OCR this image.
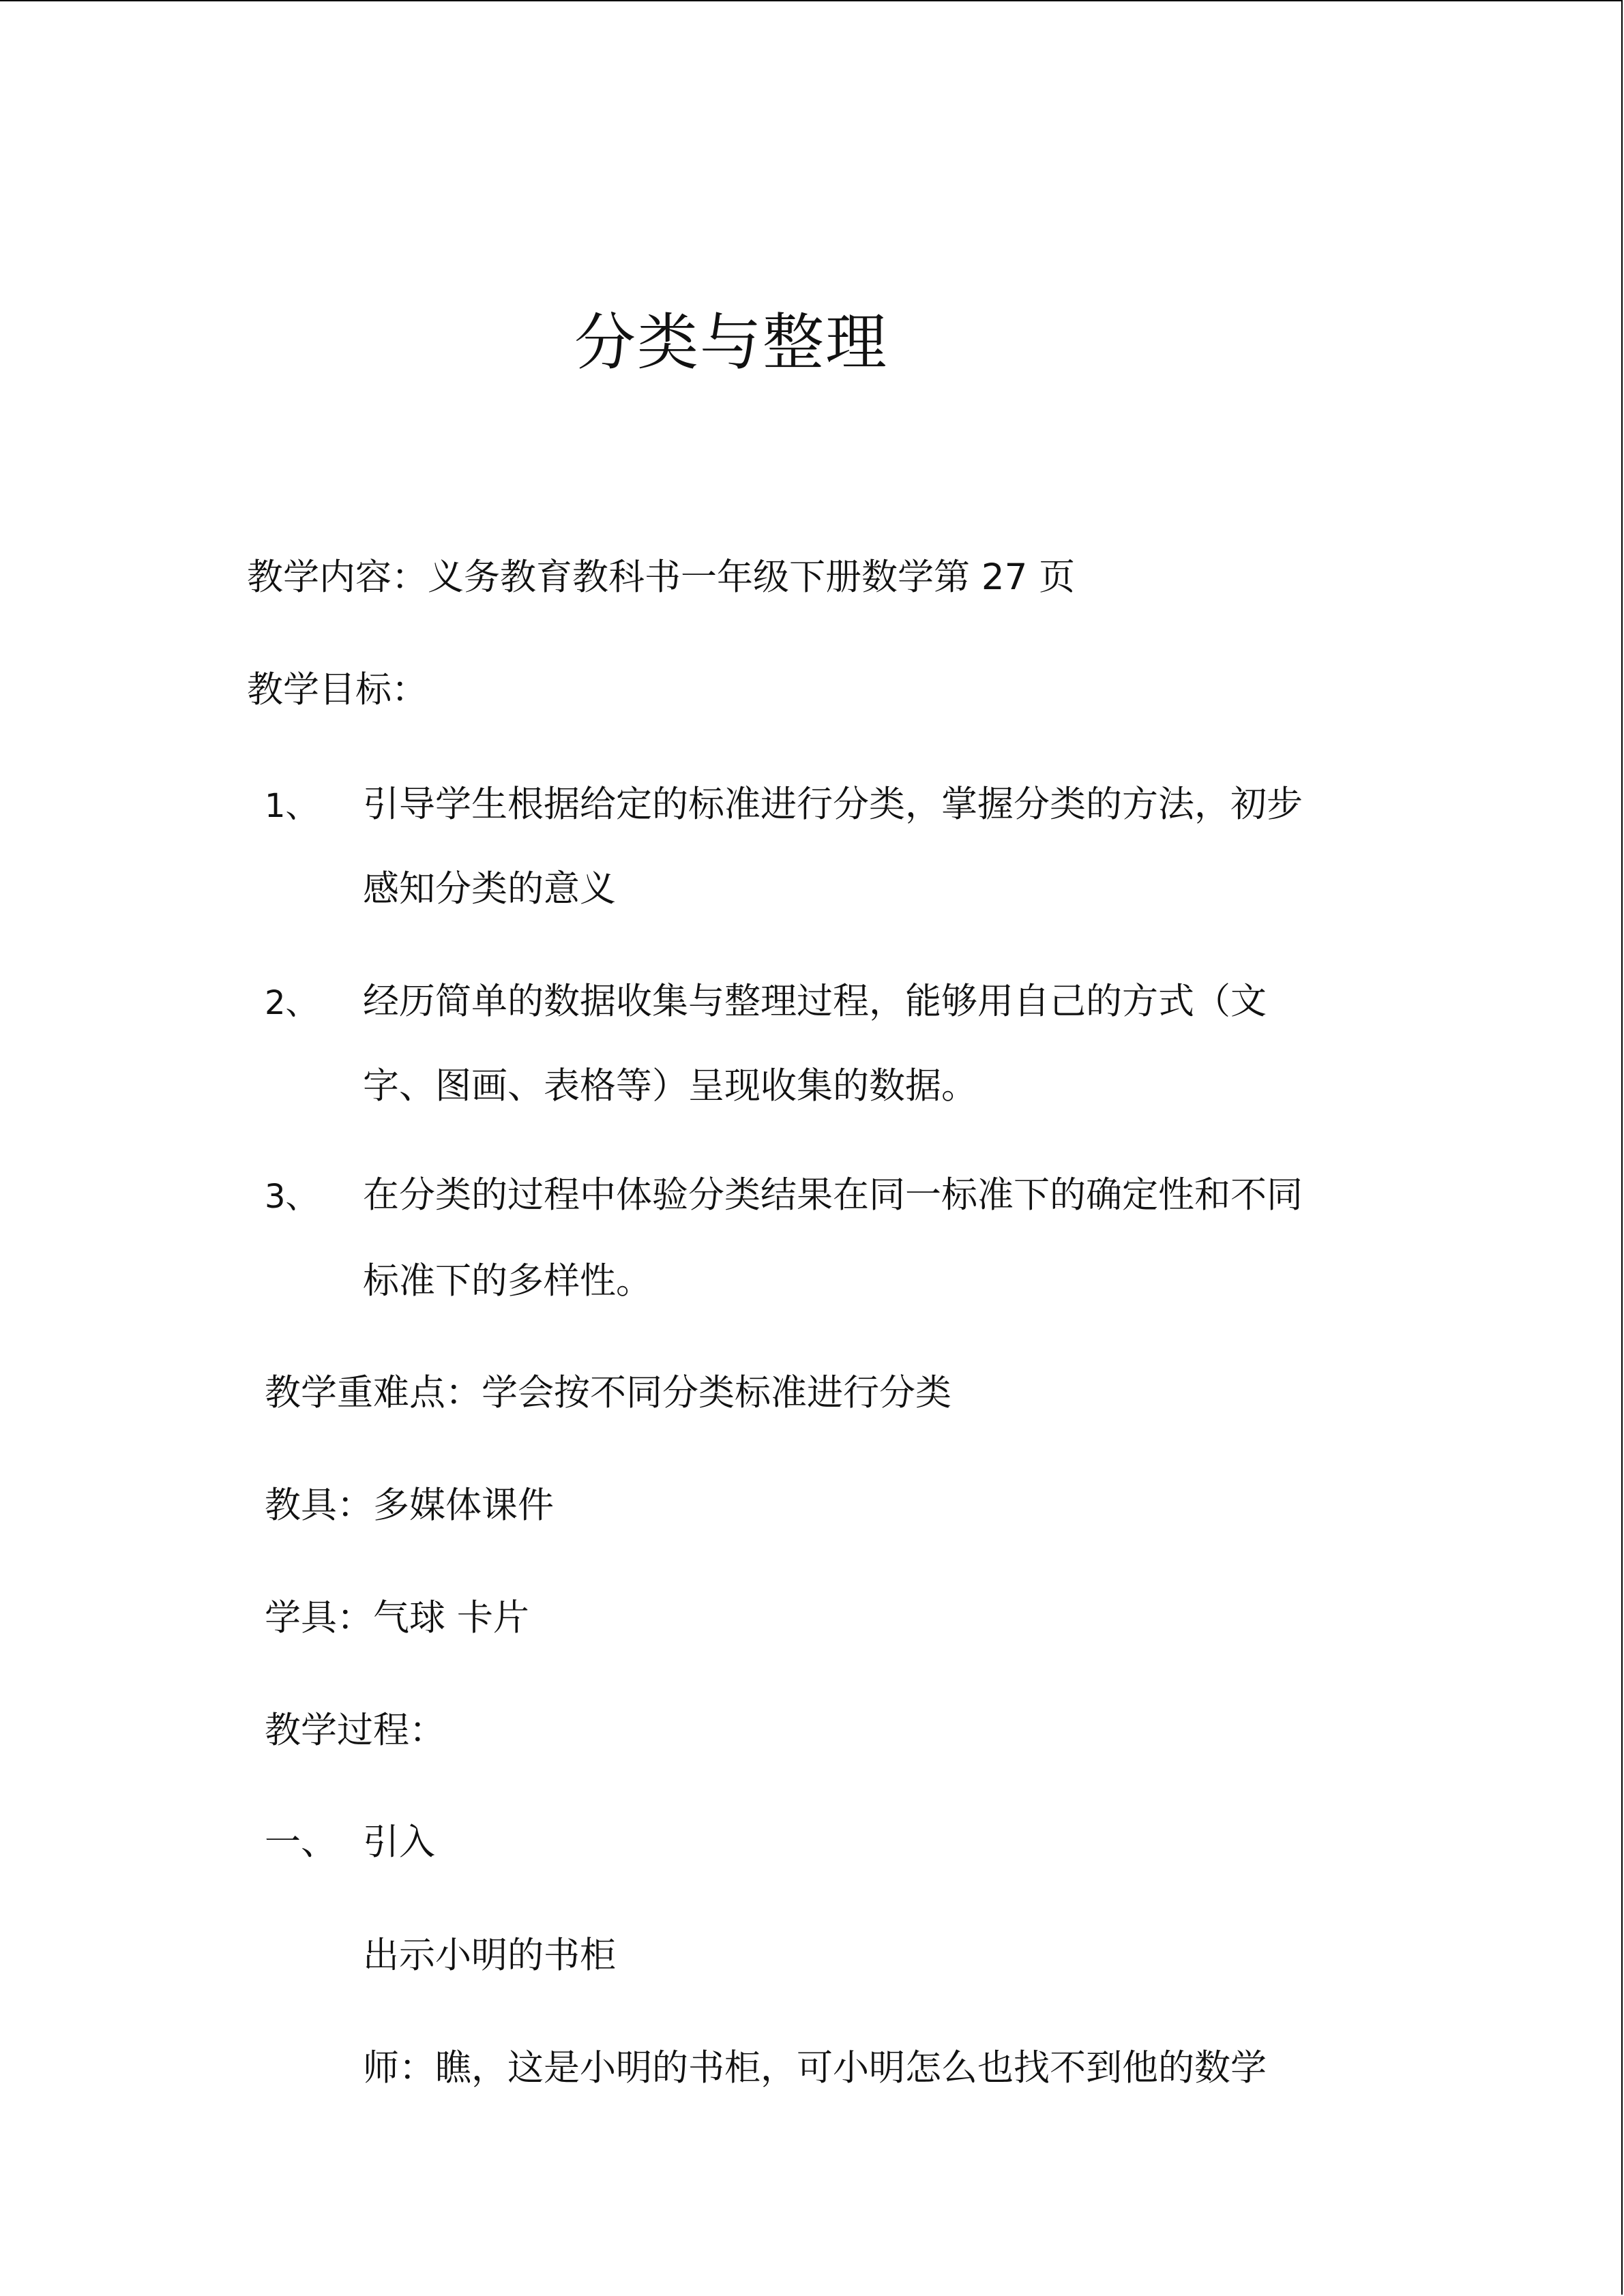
分类与整理
教学内容：义务教育教科书一年级下册数学第 27 页
教学目标：
1、 引导学生根据给定的标准进行分类，掌握分类的方法，初步
感知分类的意义
2、 经历简单的数据收集与整理过程，能够用自己的方式（文
字、图画、表格等）呈现收集的数据。
3、 在分类的过程中体验分类结果在同一标准下的确定性和不同
标准下的多样性。
教学重难点：学会按不同分类标准进行分类
教具：多媒体课件
学具：气球 卡片
教学过程：
一、 引入
出示小明的书柜
师：瞧，这是小明的书柜，可小明怎么也找不到他的数学
